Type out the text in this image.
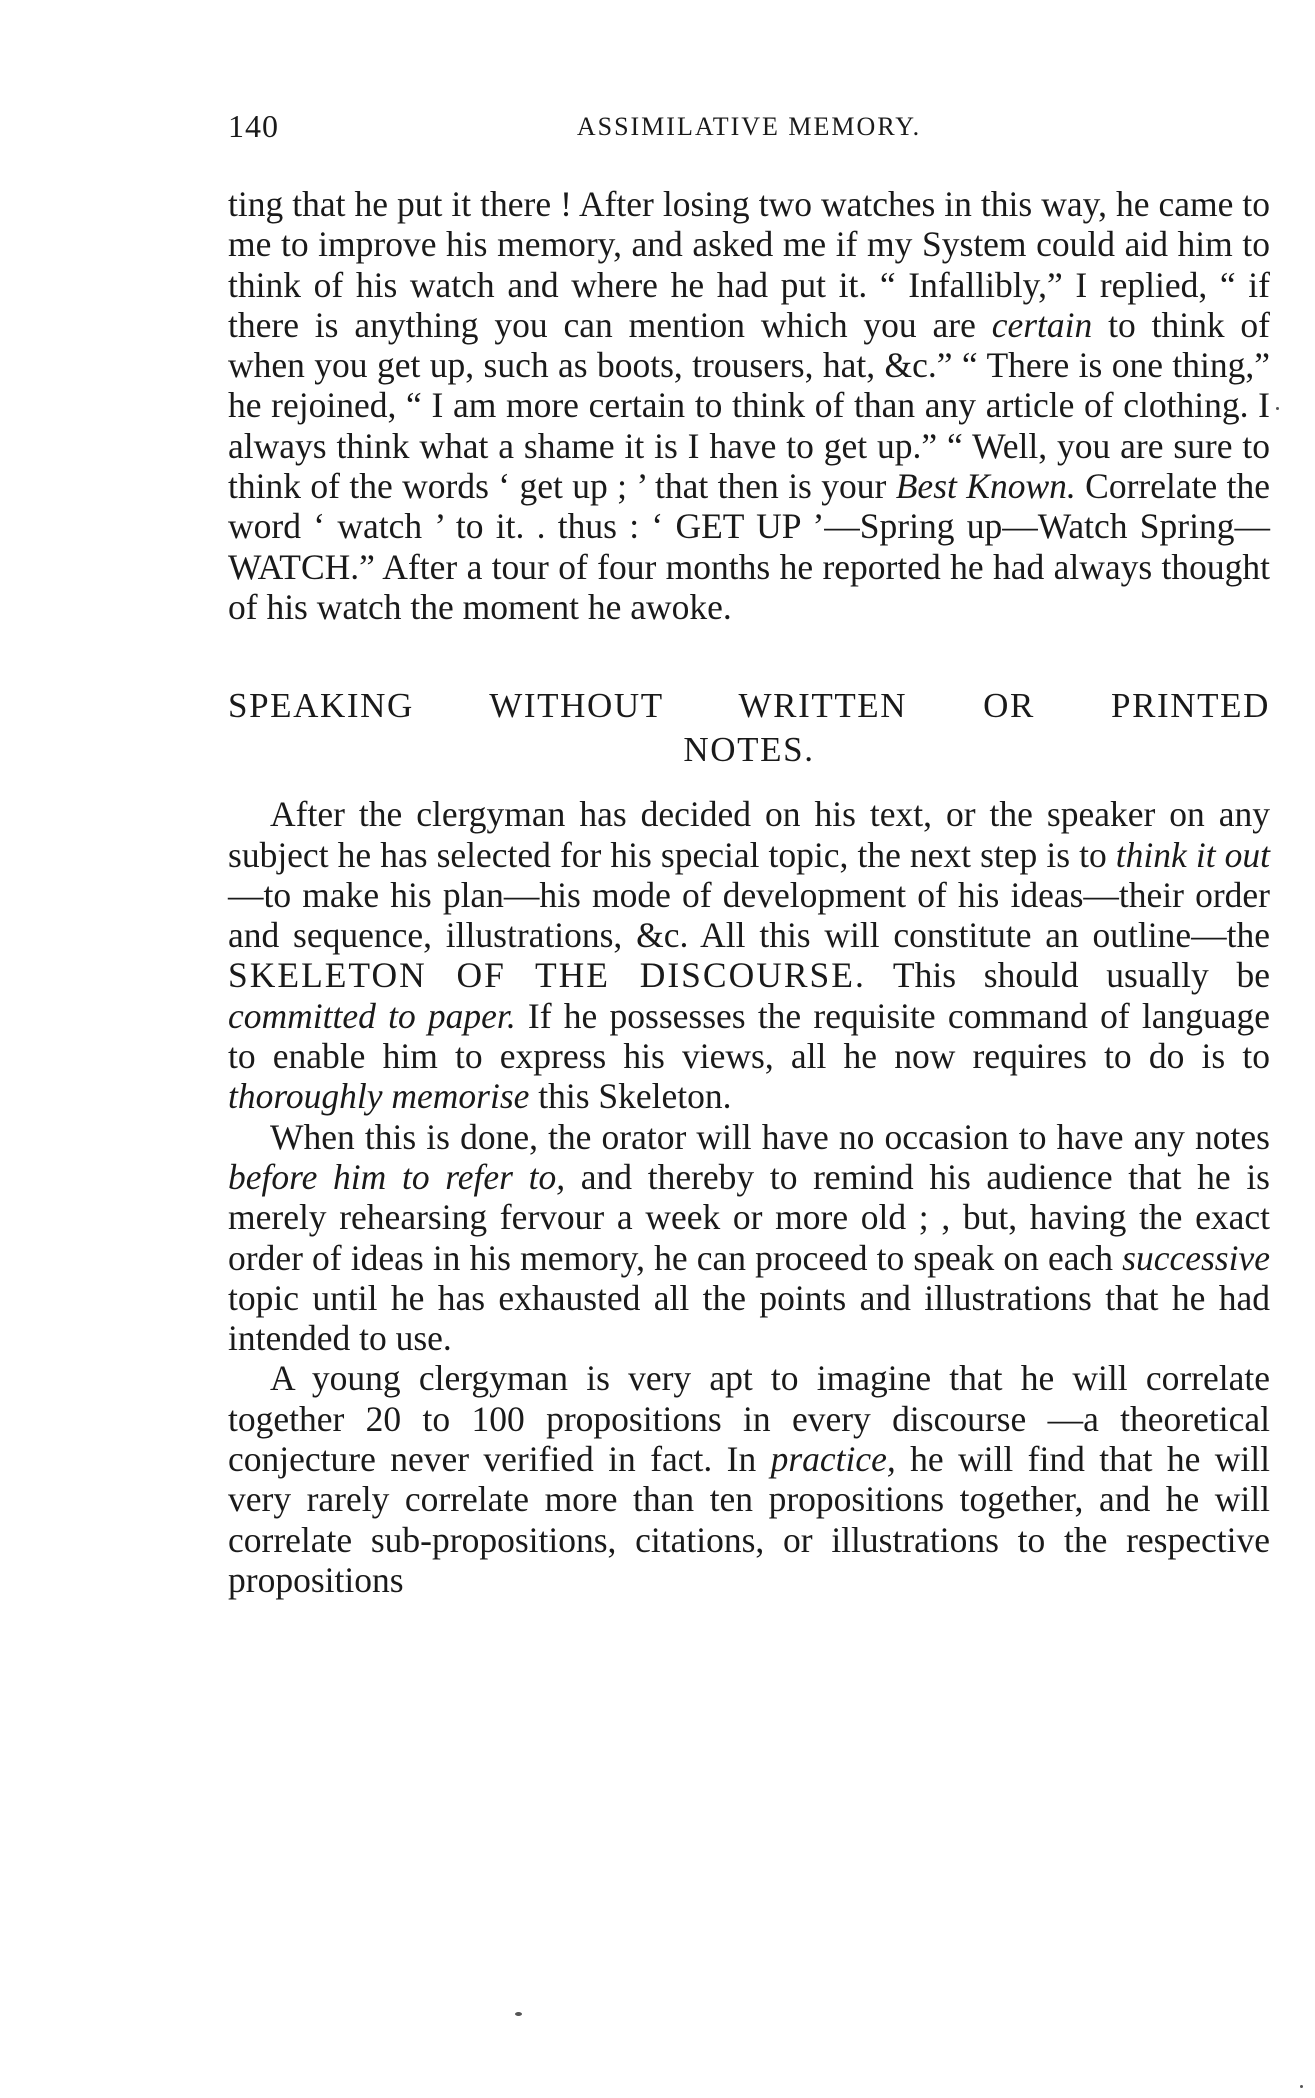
140	ASSIMILATIVE MEMORY.

ting that he put it there ! After losing two watches in this way, he came to me to improve his memory, and asked me if my System could aid him to think of his watch and where he had put it. “ Infallibly,” I replied, “ if there is anything you can mention which you are certain to think of when you get up, such as boots, trousers, hat, &c.” “ There is one thing,” he rejoined, “ I am more certain to think of than any article of clothing. I always think what a shame it is I have to get up.” “ Well, you are sure to think of the words ‘ get up ; ’ that then is your Best Known. Correlate the word ‘ watch ’ to it. . thus : ‘ GET UP ’—Spring up—Watch Spring—WATCH.” After a tour of four months he reported he had always thought of his watch the moment he awoke.

SPEAKING WITHOUT WRITTEN OR PRINTED
NOTES.

After the clergyman has decided on his text, or the speaker on any subject he has selected for his special topic, the next step is to think it out—to make his plan—his mode of development of his ideas—their order and sequence, illustrations, &c. All this will constitute an outline—the SKELETON OF THE DISCOURSE. This should usually be committed to paper. If he possesses the requisite command of language to enable him to express his views, all he now requires to do is to thoroughly memorise this Skeleton.

When this is done, the orator will have no occasion to have any notes before him to refer to, and thereby to remind his audience that he is merely rehearsing fervour a week or more old ; , but, having the exact order of ideas in his memory, he can proceed to speak on each successive topic until he has exhausted all the points and illustrations that he had intended to use.

A young clergyman is very apt to imagine that he will correlate together 20 to 100 propositions in every discourse —a theoretical conjecture never verified in fact. In practice, he will find that he will very rarely correlate more than ten propositions together, and he will correlate sub-propositions, citations, or illustrations to the respective propositions
